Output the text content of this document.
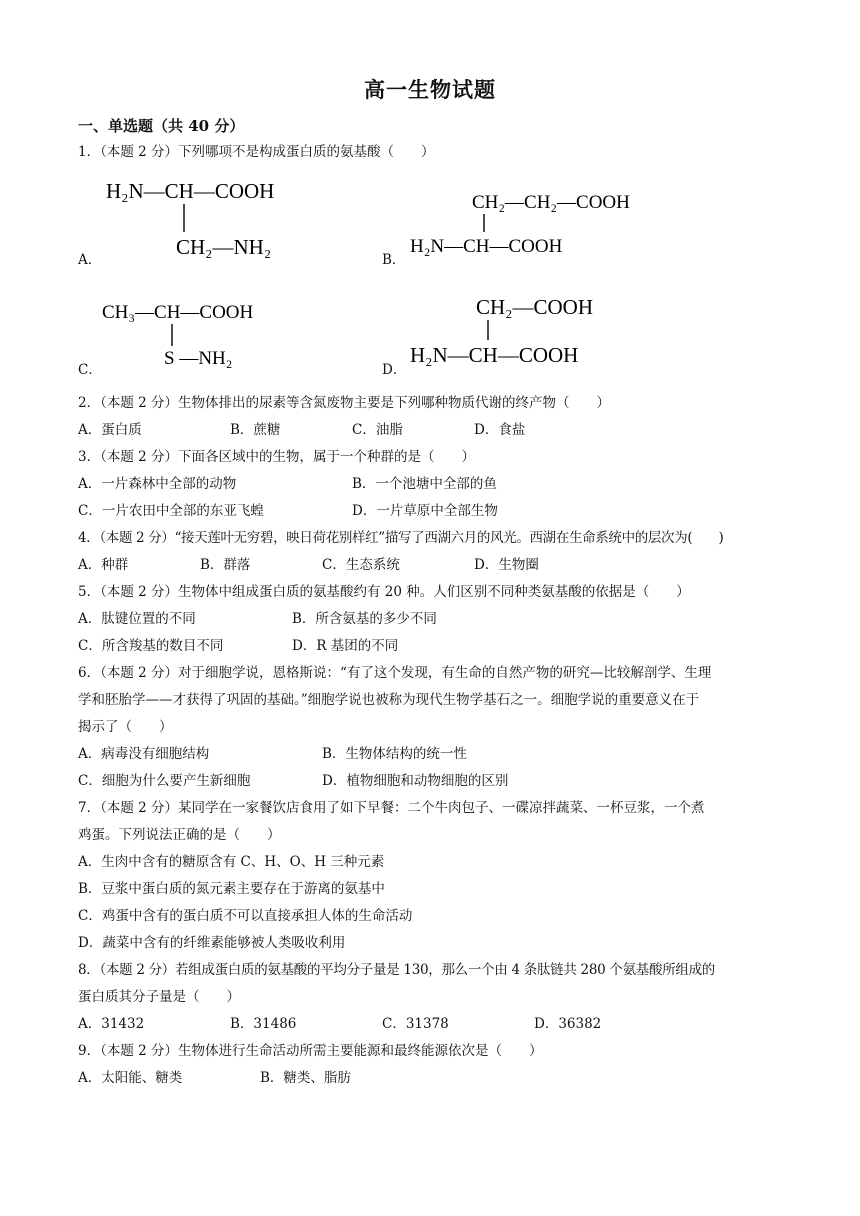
高一生物试题
一、单选题（共 40 分）
1．（本题 2 分）下列哪项不是构成蛋白质的氨基酸（　　）
A．
H₂N—CH—COOH
CH₂—NH₂
B．
CH₂—CH₂—COOH
H₂N—CH—COOH
C．
CH₃—CH—COOH
S —NH₂
D．
CH₂—COOH
H₂N—CH—COOH
2．（本题 2 分）生物体排出的尿素等含氮废物主要是下列哪种物质代谢的终产物（　　）
A．蛋白质	B．蔗糖	C．油脂	D．食盐
3．（本题 2 分）下面各区域中的生物，属于一个种群的是（　　）
A．一片森林中全部的动物	B．一个池塘中全部的鱼
C．一片农田中全部的东亚飞蝗	D．一片草原中全部生物
4．（本题 2 分）“接天莲叶无穷碧，映日荷花别样红”描写了西湖六月的风光。西湖在生命系统中的层次为(　　)
A．种群	B．群落	C．生态系统	D．生物圈
5．（本题 2 分）生物体中组成蛋白质的氨基酸约有 20 种。人们区别不同种类氨基酸的依据是（　　）
A．肽键位置的不同	B．所含氨基的多少不同
C．所含羧基的数目不同	D．R 基团的不同
6．（本题 2 分）对于细胞学说，恩格斯说：“有了这个发现，有生命的自然产物的研究—比较解剖学、生理
学和胚胎学——才获得了巩固的基础。”细胞学说也被称为现代生物学基石之一。细胞学说的重要意义在于
揭示了（　　）
A．病毒没有细胞结构	B．生物体结构的统一性
C．细胞为什么要产生新细胞	D．植物细胞和动物细胞的区别
7．（本题 2 分）某同学在一家餐饮店食用了如下早餐：二个牛肉包子、一碟凉拌蔬菜、一杯豆浆，一个煮
鸡蛋。下列说法正确的是（　　）
A．生肉中含有的糖原含有 C、H、O、H 三种元素
B．豆浆中蛋白质的氮元素主要存在于游离的氨基中
C．鸡蛋中含有的蛋白质不可以直接承担人体的生命活动
D．蔬菜中含有的纤维素能够被人类吸收利用
8．（本题 2 分）若组成蛋白质的氨基酸的平均分子量是 130，那么一个由 4 条肽链共 280 个氨基酸所组成的
蛋白质其分子量是（　　）
A．31432	B．31486	C．31378	D．36382
9．（本题 2 分）生物体进行生命活动所需主要能源和最终能源依次是（　　）
A．太阳能、糖类	B．糖类、脂肪
